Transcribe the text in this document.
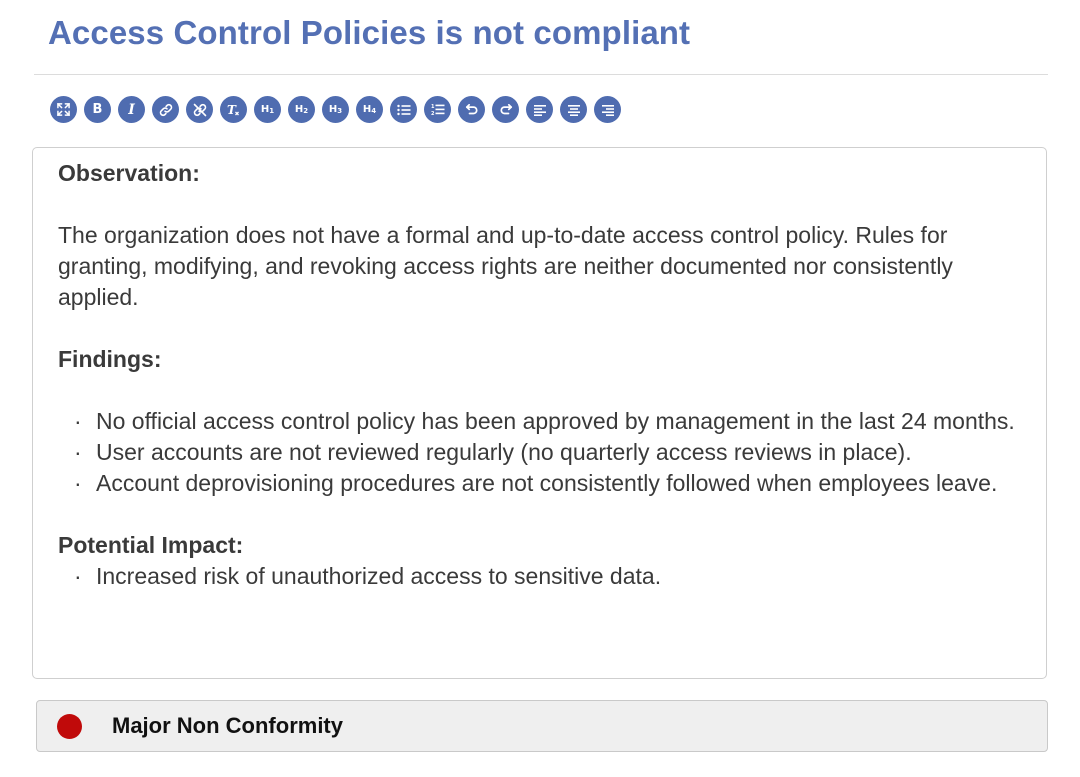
Access Control Policies is not compliant
B I	T $H_1$ $H_2$ $H_3$ $H_4$	1
2
Observation:

The organization does not have a formal and up-to-date access control policy. Rules for granting, modifying, and revoking access rights are neither documented nor consistently applied.

Findings:
· No official access control policy has been approved by management in the last 24 months.
· User accounts are not reviewed regularly (no quarterly access reviews in place).
· Account deprovisioning procedures are not consistently followed when employees leave.
Potential Impact:
· Increased risk of unauthorized access to sensitive data.
Major Non Conformity
